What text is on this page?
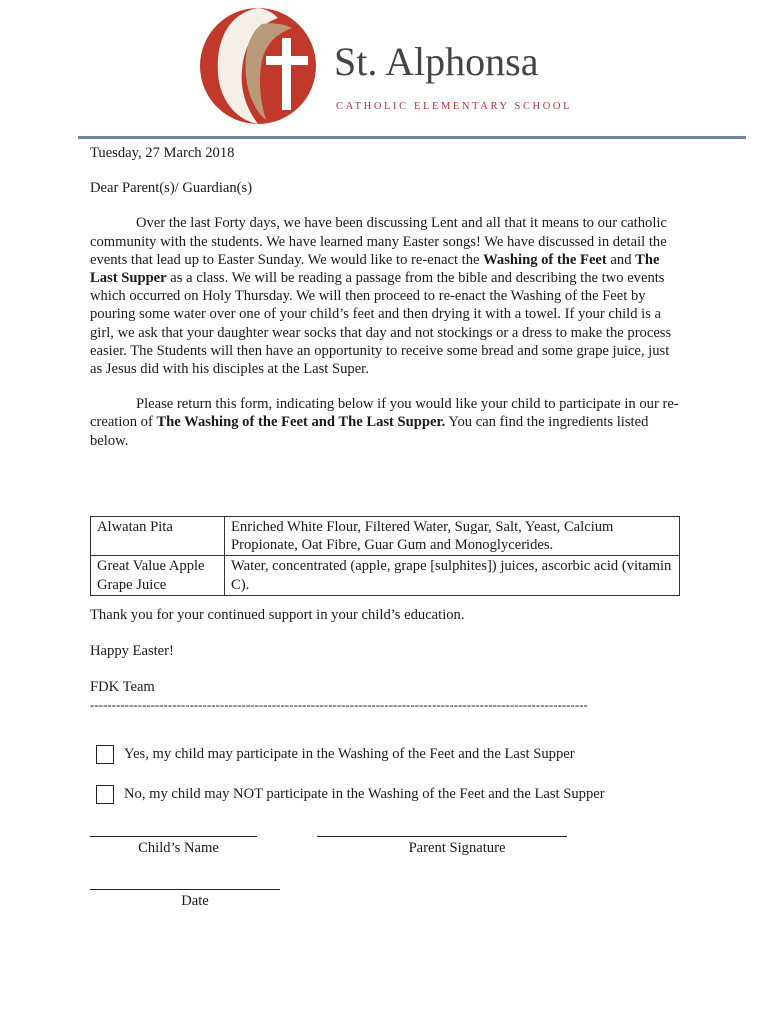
St. Alphonsa
CATHOLIC ELEMENTARY SCHOOL

Tuesday, 27 March 2018

Dear Parent(s)/ Guardian(s)

Over the last Forty days, we have been discussing Lent and all that it means to our catholic community with the students. We have learned many Easter songs! We have discussed in detail the events that lead up to Easter Sunday. We would like to re-enact the Washing of the Feet and The Last Supper as a class. We will be reading a passage from the bible and describing the two events which occurred on Holy Thursday. We will then proceed to re-enact the Washing of the Feet by pouring some water over one of your child’s feet and then drying it with a towel. If your child is a girl, we ask that your daughter wear socks that day and not stockings or a dress to make the process easier. The Students will then have an opportunity to receive some bread and some grape juice, just as Jesus did with his disciples at the Last Super.

Please return this form, indicating below if you would like your child to participate in our re-creation of The Washing of the Feet and The Last Supper. You can find the ingredients listed below.

Alwatan Pita	Enriched White Flour, Filtered Water, Sugar, Salt, Yeast, Calcium Propionate, Oat Fibre, Guar Gum and Monoglycerides.
Great Value Apple Grape Juice	Water, concentrated (apple, grape [sulphites]) juices, ascorbic acid (vitamin C).

Thank you for your continued support in your child’s education.

Happy Easter!

FDK Team

-------------------------------------------------------------------------------------------------------------------
Yes, my child may participate in the Washing of the Feet and the Last Supper
No, my child may NOT participate in the Washing of the Feet and the Last Supper
Child’s Name	Parent Signature
Date
